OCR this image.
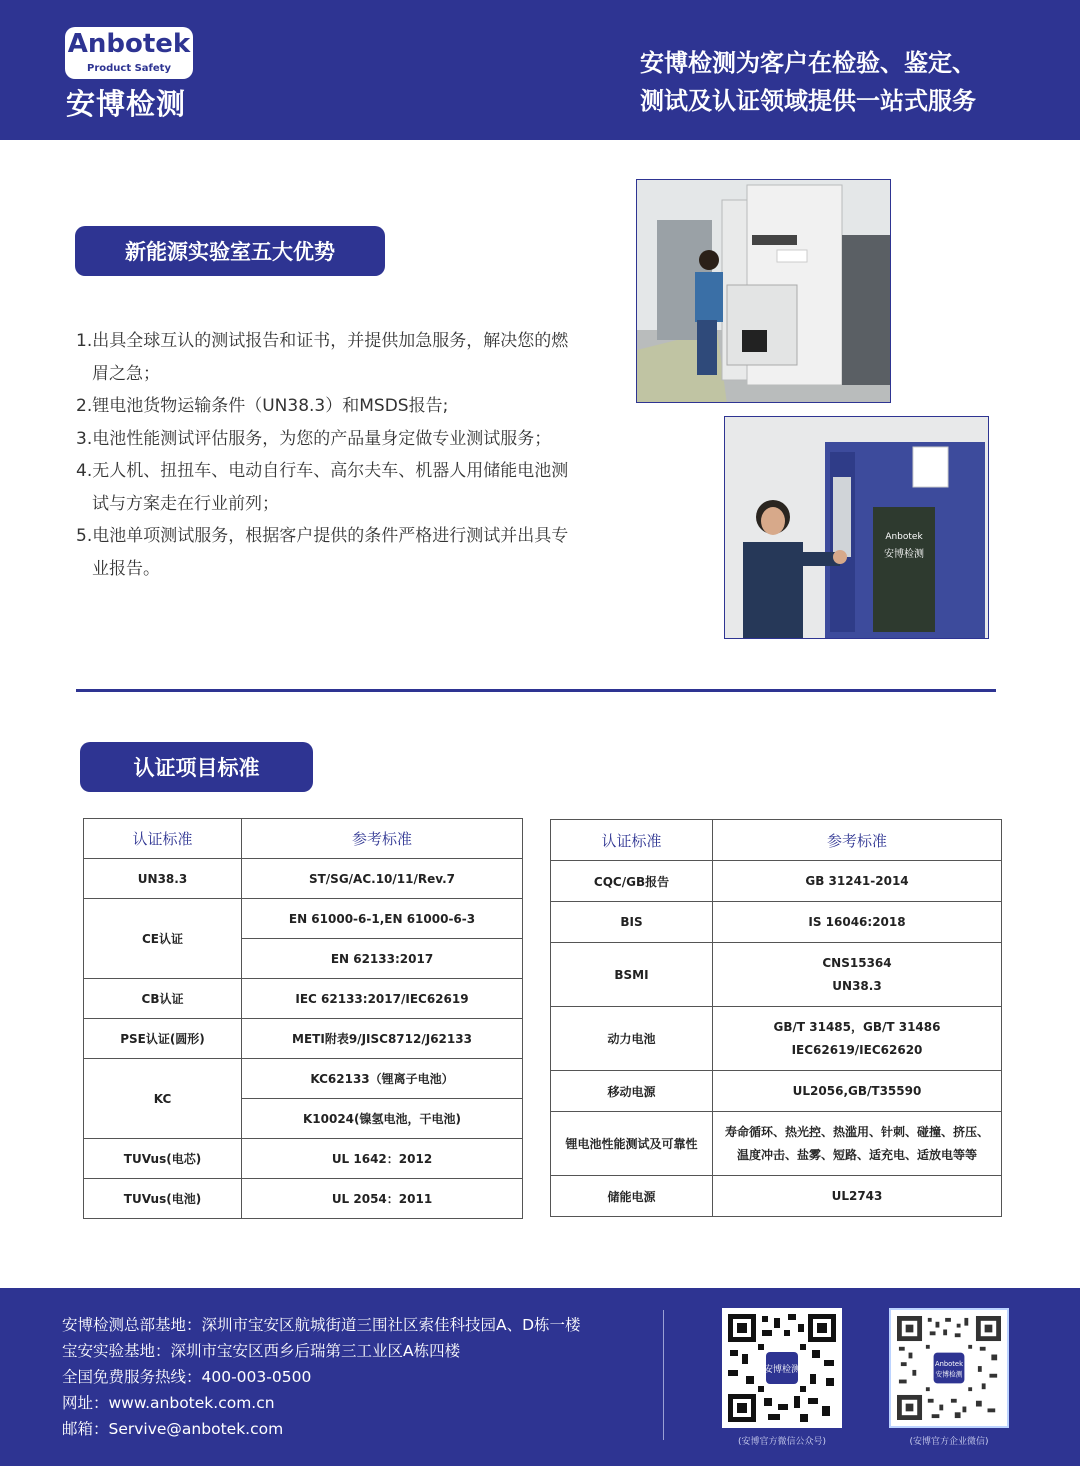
Anbotek
Product Safety
安博检测
安博检测为客户在检验、鉴定、
测试及认证领域提供一站式服务
新能源实验室五大优势
1.出具全球互认的测试报告和证书，并提供加急服务，解决您的燃眉之急；
2.锂电池货物运输条件（UN38.3）和MSDS报告;
3.电池性能测试评估服务，为您的产品量身定做专业测试服务；
4.无人机、扭扭车、电动自行车、高尔夫车、机器人用储能电池测试与方案走在行业前列；
5.电池单项测试服务，根据客户提供的条件严格进行测试并出具专业报告。
Anbotek
安博检测
认证项目标准
认证标准	参考标准
UN38.3	ST/SG/AC.10/11/Rev.7
CE认证	EN 61000-6-1,EN 61000-6-3
	EN 62133:2017
CB认证	IEC 62133:2017/IEC62619
PSE认证(圆形)	METI附表9/JISC8712/J62133
KC	KC62133（锂离子电池）
	K10024(镍氢电池，干电池)
TUVus(电芯)	UL 1642：2012
TUVus(电池)	UL 2054：2011
认证标准	参考标准
CQC/GB报告	GB 31241-2014
BIS	IS 16046:2018
BSMI	CNS15364
UN38.3

动力电池	GB/T 31485，GB/T 31486
IEC62619/IEC62620

移动电源	UL2056,GB/T35590
锂电池性能测试及可靠性	寿命循环、热光控、热滥用、针刺、碰撞、挤压、
温度冲击、盐雾、短路、适充电、适放电等等

储能电源	UL2743
安博检测总部基地：深圳市宝安区航城街道三围社区索佳科技园A、D栋一楼
宝安实验基地：深圳市宝安区西乡后瑞第三工业区A栋四楼
全国免费服务热线：400-003-0500
网址：www.anbotek.com.cn
邮箱：Servive@anbotek.com
安博检测
(安博官方微信公众号)
Anbotek
安博检测
(安博官方企业微信)
